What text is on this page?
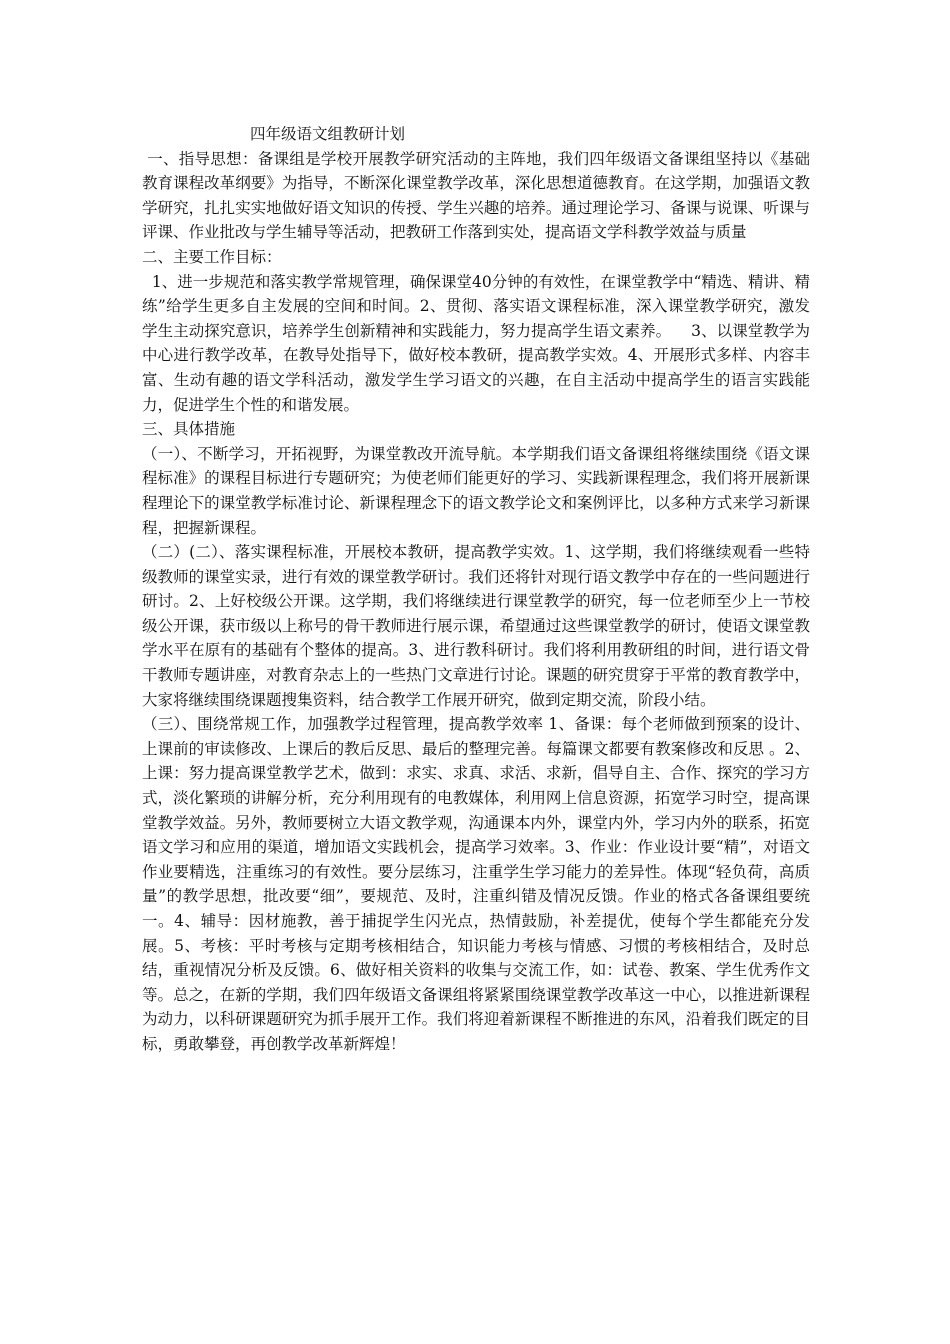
四年级语文组教研计划

一、指导思想：备课组是学校开展教学研究活动的主阵地，我们四年级语文备课组坚持以《基础教育课程改革纲要》为指导，不断深化课堂教学改革，深化思想道德教育。在这学期，加强语文教学研究，扎扎实实地做好语文知识的传授、学生兴趣的培养。通过理论学习、备课与说课、听课与评课、作业批改与学生辅导等活动，把教研工作落到实处，提高语文学科教学效益与质量

二、主要工作目标：

1、进一步规范和落实教学常规管理，确保课堂40分钟的有效性，在课堂教学中“精选、精讲、精练”给学生更多自主发展的空间和时间。2、贯彻、落实语文课程标准，深入课堂教学研究，激发学生主动探究意识，培养学生创新精神和实践能力，努力提高学生语文素养。    3、以课堂教学为中心进行教学改革，在教导处指导下，做好校本教研，提高教学实效。4、开展形式多样、内容丰富、生动有趣的语文学科活动，激发学生学习语文的兴趣，在自主活动中提高学生的语言实践能力，促进学生个性的和谐发展。

三、具体措施

（一）、不断学习，开拓视野，为课堂教改开流导航。本学期我们语文备课组将继续围绕《语文课程标准》的课程目标进行专题研究；为使老师们能更好的学习、实践新课程理念，我们将开展新课程理论下的课堂教学标准讨论、新课程理念下的语文教学论文和案例评比，以多种方式来学习新课程，把握新课程。

（二）(二）、落实课程标准，开展校本教研，提高教学实效。1、这学期，我们将继续观看一些特级教师的课堂实录，进行有效的课堂教学研讨。我们还将针对现行语文教学中存在的一些问题进行研讨。2、上好校级公开课。这学期，我们将继续进行课堂教学的研究，每一位老师至少上一节校级公开课，获市级以上称号的骨干教师进行展示课，希望通过这些课堂教学的研讨，使语文课堂教学水平在原有的基础有个整体的提高。3、进行教科研讨。我们将利用教研组的时间，进行语文骨干教师专题讲座，对教育杂志上的一些热门文章进行讨论。课题的研究贯穿于平常的教育教学中，大家将继续围绕课题搜集资料，结合教学工作展开研究，做到定期交流，阶段小结。

（三）、围绕常规工作，加强教学过程管理，提高教学效率 1、备课：每个老师做到预案的设计、上课前的审读修改、上课后的教后反思、最后的整理完善。每篇课文都要有教案修改和反思 。2、上课：努力提高课堂教学艺术，做到：求实、求真、求活、求新，倡导自主、合作、探究的学习方式，淡化繁琐的讲解分析，充分利用现有的电教媒体，利用网上信息资源，拓宽学习时空，提高课堂教学效益。另外，教师要树立大语文教学观，沟通课本内外，课堂内外，学习内外的联系，拓宽语文学习和应用的渠道，增加语文实践机会，提高学习效率。3、作业：作业设计要“精”，对语文作业要精选，注重练习的有效性。要分层练习，注重学生学习能力的差异性。体现“轻负荷，高质量”的教学思想，批改要“细”，要规范、及时，注重纠错及情况反馈。作业的格式各备课组要统一。4、辅导：因材施教，善于捕捉学生闪光点，热情鼓励，补差提优，使每个学生都能充分发展。5、考核：平时考核与定期考核相结合，知识能力考核与情感、习惯的考核相结合，及时总结，重视情况分析及反馈。6、做好相关资料的收集与交流工作，如：试卷、教案、学生优秀作文等。总之，在新的学期，我们四年级语文备课组将紧紧围绕课堂教学改革这一中心，以推进新课程为动力，以科研课题研究为抓手展开工作。我们将迎着新课程不断推进的东风，沿着我们既定的目标，勇敢攀登，再创教学改革新辉煌！
